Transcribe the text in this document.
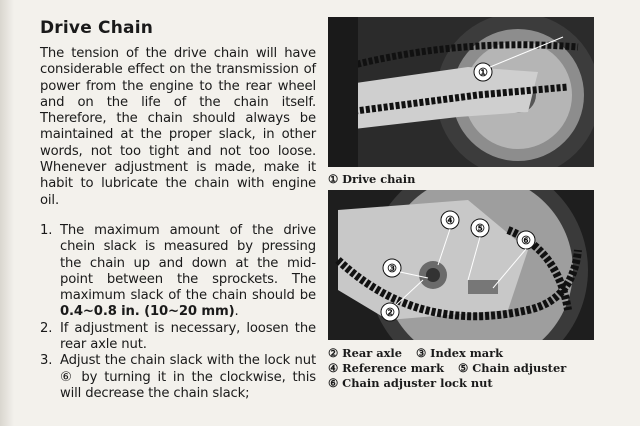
Drive Chain

The tension of the drive chain will have considerable effect on the transmission of power from the engine to the rear wheel and on the life of the chain itself. Therefore, the chain should always be maintained at the proper slack, in other words, not too tight and not too loose. Whenever adjustment is made, make it habit to lubricate the chain with engine oil.

1. The maximum amount of the drive chein slack is measured by pressing the chain up and down at the mid-point between the sprockets. The maximum slack of the chain should be 0.4~0.8 in. (10~20 mm).
2. If adjustment is necessary, loosen the rear axle nut.
3. Adjust the chain slack with the lock nut ⑥ by turning it in the clockwise, this will decrease the chain slack;
①
① Drive chain
②
③
④
⑤
⑥
② Rear axle ③ Index mark
④ Reference mark ⑤ Chain adjuster
⑥ Chain adjuster lock nut
